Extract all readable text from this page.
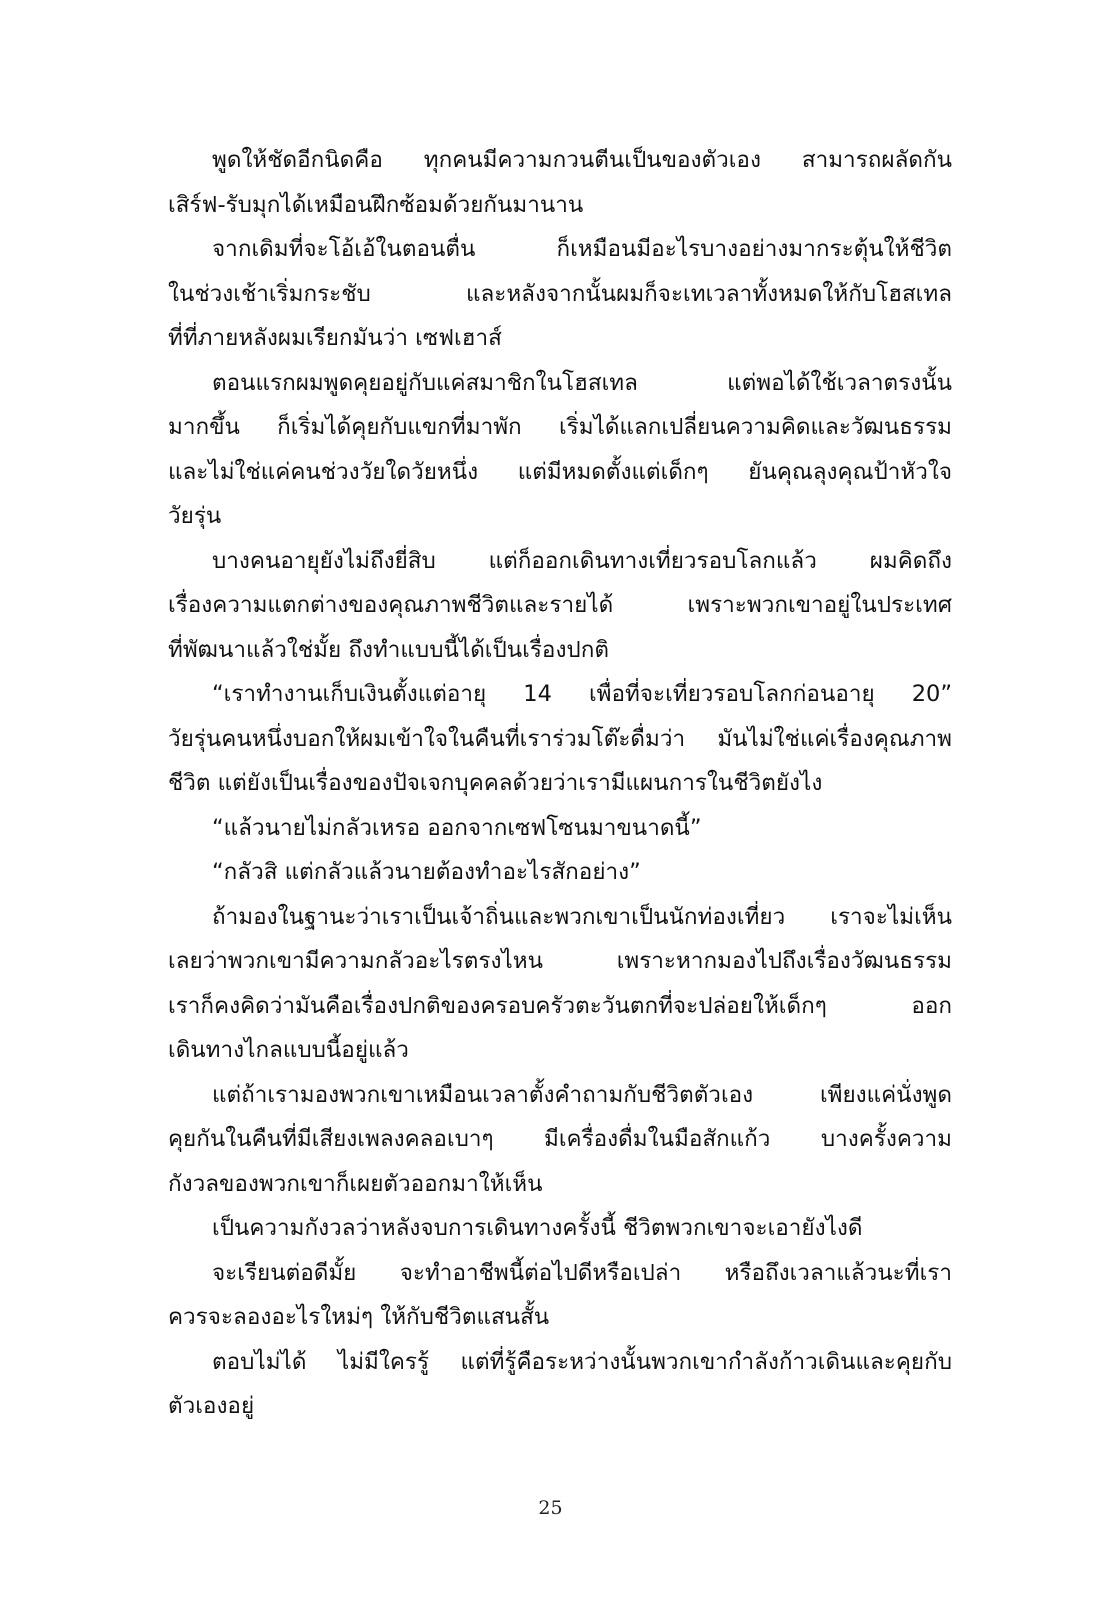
พูดให้ชัดอีกนิดคือ ทุกคนมีความกวนตีนเป็นของตัวเอง สามารถผลัดกัน
เสิร์ฟ-รับมุกได้เหมือนฝึกซ้อมด้วยกันมานาน

จากเดิมที่จะโอ้เอ้ในตอนตื่น ก็เหมือนมีอะไรบางอย่างมากระตุ้นให้ชีวิต
ในช่วงเช้าเริ่มกระชับ และหลังจากนั้นผมก็จะเทเวลาทั้งหมดให้กับโฮสเทล
ที่ที่ภายหลังผมเรียกมันว่า เซฟเฮาส์

ตอนแรกผมพูดคุยอยู่กับแค่สมาชิกในโฮสเทล แต่พอได้ใช้เวลาตรงนั้น
มากขึ้น ก็เริ่มได้คุยกับแขกที่มาพัก เริ่มได้แลกเปลี่ยนความคิดและวัฒนธรรม
และไม่ใช่แค่คนช่วงวัยใดวัยหนึ่ง แต่มีหมดตั้งแต่เด็กๆ ยันคุณลุงคุณป้าหัวใจ
วัยรุ่น

บางคนอายุยังไม่ถึงยี่สิบ แต่ก็ออกเดินทางเที่ยวรอบโลกแล้ว ผมคิดถึง
เรื่องความแตกต่างของคุณภาพชีวิตและรายได้ เพราะพวกเขาอยู่ในประเทศ
ที่พัฒนาแล้วใช่มั้ย ถึงทำแบบนี้ได้เป็นเรื่องปกติ

“เราทำงานเก็บเงินตั้งแต่อายุ 14 เพื่อที่จะเที่ยวรอบโลกก่อนอายุ 20”
วัยรุ่นคนหนึ่งบอกให้ผมเข้าใจในคืนที่เราร่วมโต๊ะดื่มว่า มันไม่ใช่แค่เรื่องคุณภาพ
ชีวิต แต่ยังเป็นเรื่องของปัจเจกบุคคลด้วยว่าเรามีแผนการในชีวิตยังไง

“แล้วนายไม่กลัวเหรอ ออกจากเซฟโซนมาขนาดนี้”

“กลัวสิ แต่กลัวแล้วนายต้องทำอะไรสักอย่าง”

ถ้ามองในฐานะว่าเราเป็นเจ้าถิ่นและพวกเขาเป็นนักท่องเที่ยว เราจะไม่เห็น
เลยว่าพวกเขามีความกลัวอะไรตรงไหน เพราะหากมองไปถึงเรื่องวัฒนธรรม
เราก็คงคิดว่ามันคือเรื่องปกติของครอบครัวตะวันตกที่จะปล่อยให้เด็กๆ ออก
เดินทางไกลแบบนี้อยู่แล้ว

แต่ถ้าเรามองพวกเขาเหมือนเวลาตั้งคำถามกับชีวิตตัวเอง เพียงแค่นั่งพูด
คุยกันในคืนที่มีเสียงเพลงคลอเบาๆ มีเครื่องดื่มในมือสักแก้ว บางครั้งความ
กังวลของพวกเขาก็เผยตัวออกมาให้เห็น

เป็นความกังวลว่าหลังจบการเดินทางครั้งนี้ ชีวิตพวกเขาจะเอายังไงดี

จะเรียนต่อดีมั้ย จะทำอาชีพนี้ต่อไปดีหรือเปล่า หรือถึงเวลาแล้วนะที่เรา
ควรจะลองอะไรใหม่ๆ ให้กับชีวิตแสนสั้น

ตอบไม่ได้ ไม่มีใครรู้ แต่ที่รู้คือระหว่างนั้นพวกเขากำลังก้าวเดินและคุยกับ
ตัวเองอยู่

25
